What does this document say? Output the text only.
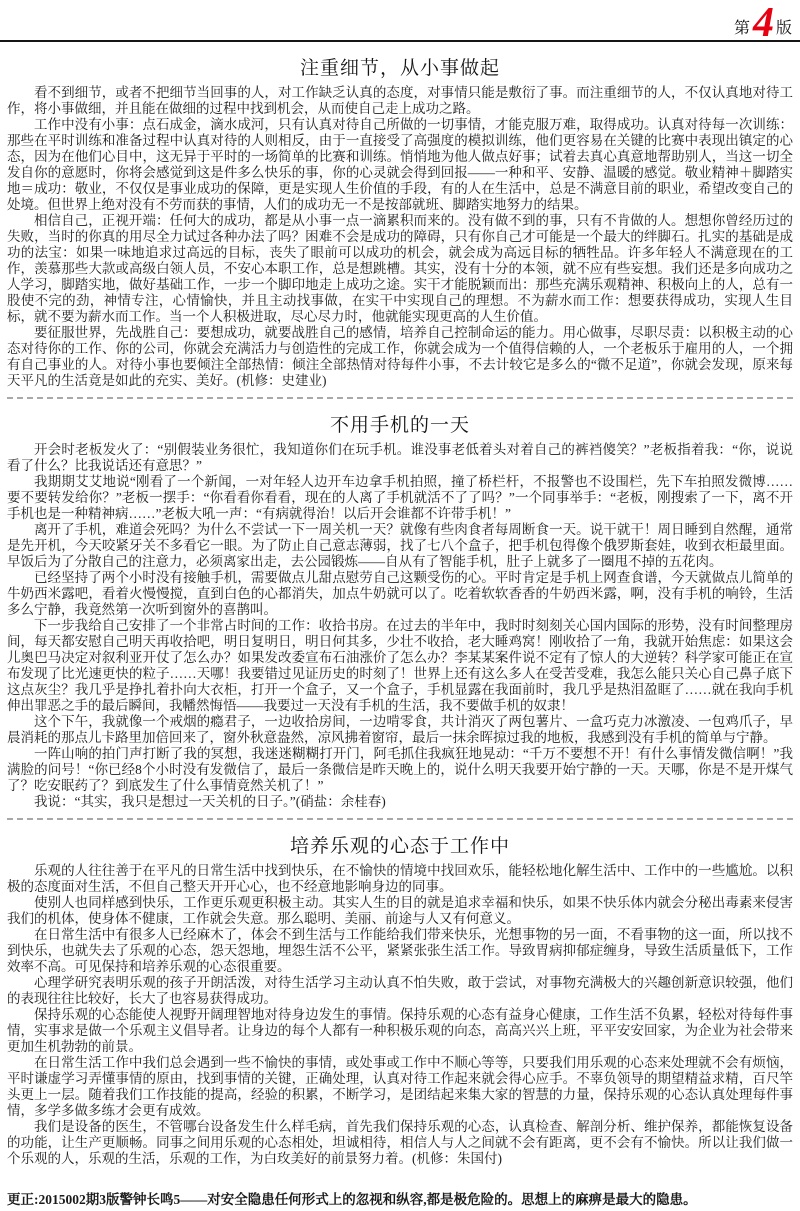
第 4 版
注重细节，从小事做起

看不到细节，或者不把细节当回事的人，对工作缺乏认真的态度，对事情只能是敷衍了事。而注重细节的人，不仅认真地对待工作，将小事做细，并且能在做细的过程中找到机会，从而使自己走上成功之路。

工作中没有小事：点石成金，滴水成河，只有认真对待自己所做的一切事情，才能克服万难，取得成功。认真对待每一次训练：那些在平时训练和准备过程中认真对待的人则相反，由于一直接受了高强度的模拟训练，他们更容易在关键的比赛中表现出镇定的心态，因为在他们心目中，这无异于平时的一场简单的比赛和训练。悄悄地为他人做点好事；试着去真心真意地帮助别人，当这一切全发自你的意愿时，你将会感觉到这是件多么快乐的事，你的心灵就会得到回报——一种和平、安静、温暖的感觉。敬业精神＋脚踏实地＝成功：敬业，不仅仅是事业成功的保障，更是实现人生价值的手段，有的人在生活中，总是不满意目前的职业，希望改变自己的处境。但世界上绝对没有不劳而获的事情，人们的成功无一不是按部就班、脚踏实地努力的结果。

相信自己，正视开端：任何大的成功，都是从小事一点一滴累积而来的。没有做不到的事，只有不肯做的人。想想你曾经历过的失败，当时的你真的用尽全力试过各种办法了吗？困难不会是成功的障碍，只有你自己才可能是一个最大的绊脚石。扎实的基础是成功的法宝：如果一味地追求过高远的目标，丧失了眼前可以成功的机会，就会成为高远目标的牺牲品。许多年轻人不满意现在的工作，羡慕那些大款或高级白领人员，不安心本职工作，总是想跳槽。其实，没有十分的本领，就不应有些妄想。我们还是多向成功之人学习，脚踏实地，做好基础工作，一步一个脚印地走上成功之途。实干才能脱颖而出：那些充满乐观精神、积极向上的人，总有一股使不完的劲，神情专注，心情愉快，并且主动找事做，在实干中实现自己的理想。不为薪水而工作：想要获得成功，实现人生目标，就不要为薪水而工作。当一个人积极进取，尽心尽力时，他就能实现更高的人生价值。

要征服世界，先战胜自己：要想成功，就要战胜自己的感情，培养自己控制命运的能力。用心做事，尽职尽责：以积极主动的心态对待你的工作、你的公司，你就会充满活力与创造性的完成工作，你就会成为一个值得信赖的人，一个老板乐于雇用的人，一个拥有自己事业的人。对待小事也要倾注全部热情：倾注全部热情对待每件小事，不去计较它是多么的“微不足道”，你就会发现，原来每天平凡的生活竟是如此的充实、美好。(机修：史建业)

不用手机的一天

开会时老板发火了：“别假装业务很忙，我知道你们在玩手机。谁没事老低着头对着自己的裤裆傻笑？”老板指着我：“你，说说看了什么？比我说话还有意思？”

我期期艾艾地说“刚看了一个新闻，一对年轻人边开车边拿手机拍照，撞了桥栏杆，不报警也不设围栏，先下车拍照发微博……要不要转发给你？”老板一摆手：“你看看你看看，现在的人离了手机就活不了了吗？”一个同事举手：“老板，刚搜索了一下，离不开手机也是一种精神病……”老板大吼一声：“有病就得治！以后开会谁都不许带手机！”

离开了手机，难道会死吗？为什么不尝试一下一周关机一天？就像有些肉食者每周断食一天。说干就干！周日睡到自然醒，通常是先开机，今天咬紧牙关不多看它一眼。为了防止自己意志薄弱，找了七八个盒子，把手机包得像个俄罗斯套娃，收到衣柜最里面。早饭后为了分散自己的注意力，必须离家出走，去公园锻炼——自从有了智能手机，肚子上就多了一圈甩不掉的五花肉。

已经坚持了两个小时没有接触手机，需要做点儿甜点慰劳自己这颗受伤的心。平时肯定是手机上网查食谱，今天就做点儿简单的牛奶西米露吧，看着火慢慢搅，直到白色的心都消失，加点牛奶就可以了。吃着软软香香的牛奶西米露，啊，没有手机的响铃，生活多么宁静，我竟然第一次听到窗外的喜鹊叫。

下一步我给自己安排了一个非常占时间的工作：收拾书房。在过去的半年中，我时时刻刻关心国内国际的形势，没有时间整理房间，每天都安慰自己明天再收拾吧，明日复明日，明日何其多，少壮不收拾，老大睡鸡窝！刚收拾了一角，我就开始焦虑：如果这会儿奥巴马决定对叙利亚开仗了怎么办？如果发改委宣布石油涨价了怎么办？李某某案件说不定有了惊人的大逆转？科学家可能正在宣布发现了比光速更快的粒子……天哪！我要错过见证历史的时刻了！世界上还有这么多人在受苦受难，我怎么能只关心自己鼻子底下这点灰尘？我几乎是挣扎着扑向大衣柜，打开一个盒子，又一个盒子，手机显露在我面前时，我几乎是热泪盈眶了……就在我向手机伸出罪恶之手的最后瞬间，我幡然悔悟——我要过一天没有手机的生活，我不要做手机的奴隶！

这个下午，我就像一个戒烟的瘾君子，一边收拾房间，一边啃零食，共计消灭了两包薯片、一盒巧克力冰激凌、一包鸡爪子，早晨消耗的那点儿卡路里加倍回来了，窗外秋意盎然，凉风拂着窗帘，最后一抹余晖掠过我的地板，我感到没有手机的简单与宁静。

一阵山响的拍门声打断了我的冥想，我迷迷糊糊打开门，阿毛抓住我疯狂地晃动：“千万不要想不开！有什么事情发微信啊！”我满脸的问号！“你已经8个小时没有发微信了，最后一条微信是昨天晚上的，说什么明天我要开始宁静的一天。天哪，你是不是开煤气了？吃安眠药了？到底发生了什么事情竟然关机了！”

我说：“其实，我只是想过一天关机的日子。”(硝盐：余桂春)

培养乐观的心态于工作中

乐观的人往往善于在平凡的日常生活中找到快乐，在不愉快的情境中找回欢乐，能轻松地化解生活中、工作中的一些尴尬。以积极的态度面对生活，不但自己整天开开心心，也不经意地影响身边的同事。

使别人也同样感到快乐，工作更乐观更积极主动。其实人生的目的就是追求幸福和快乐，如果不快乐体内就会分秘出毒素来侵害我们的机体，使身体不健康，工作就会失意。那么聪明、美丽、前途与人又有何意义。

在日常生活中有很多人已经麻木了，体会不到生活与工作能给我们带来快乐，光想事物的另一面，不看事物的这一面，所以找不到快乐，也就失去了乐观的心态，怨天怨地，埋怨生活不公平，紧紧张张生活工作。导致胃病抑郁症缠身，导致生活质量低下，工作效率不高。可见保持和培养乐观的心态很重要。

心理学研究表明乐观的孩子开朗活泼，对待生活学习主动认真不怕失败，敢于尝试，对事物充满极大的兴趣创新意识较强，他们的表现往往比较好，长大了也容易获得成功。

保持乐观的心态能使人视野开阔理智地对待身边发生的事情。保持乐观的心态有益身心健康，工作生活不负累，轻松对待每件事情，实事求是做一个乐观主义倡导者。让身边的每个人都有一种积极乐观的向态，高高兴兴上班，平平安安回家，为企业为社会带来更加生机勃勃的前景。

在日常生活工作中我们总会遇到一些不愉快的事情，或处事或工作中不顺心等等，只要我们用乐观的心态来处理就不会有烦恼，平时谦虚学习弄懂事情的原由，找到事情的关键，正确处理，认真对待工作起来就会得心应手。不辜负领导的期望精益求精，百尺竿头更上一层。随着我们工作技能的提高，经验的积累，不断学习，是团结起来集大家的智慧的力量，保持乐观的心态认真处理每件事情，多学多做多练才会更有成效。

我们是设备的医生，不管哪台设备发生什么样毛病，首先我们保持乐观的心态，认真检查、解剖分析、维护保养，都能恢复设备的功能，让生产更顺畅。同事之间用乐观的心态相处，坦诚相待，相信人与人之间就不会有距离，更不会有不愉快。所以让我们做一个乐观的人，乐观的生活，乐观的工作，为白玫美好的前景努力着。(机修：朱国付)

更正:2015002期3版警钟长鸣5——对安全隐患任何形式上的忽视和纵容,都是极危险的。思想上的麻痹是最大的隐患。
